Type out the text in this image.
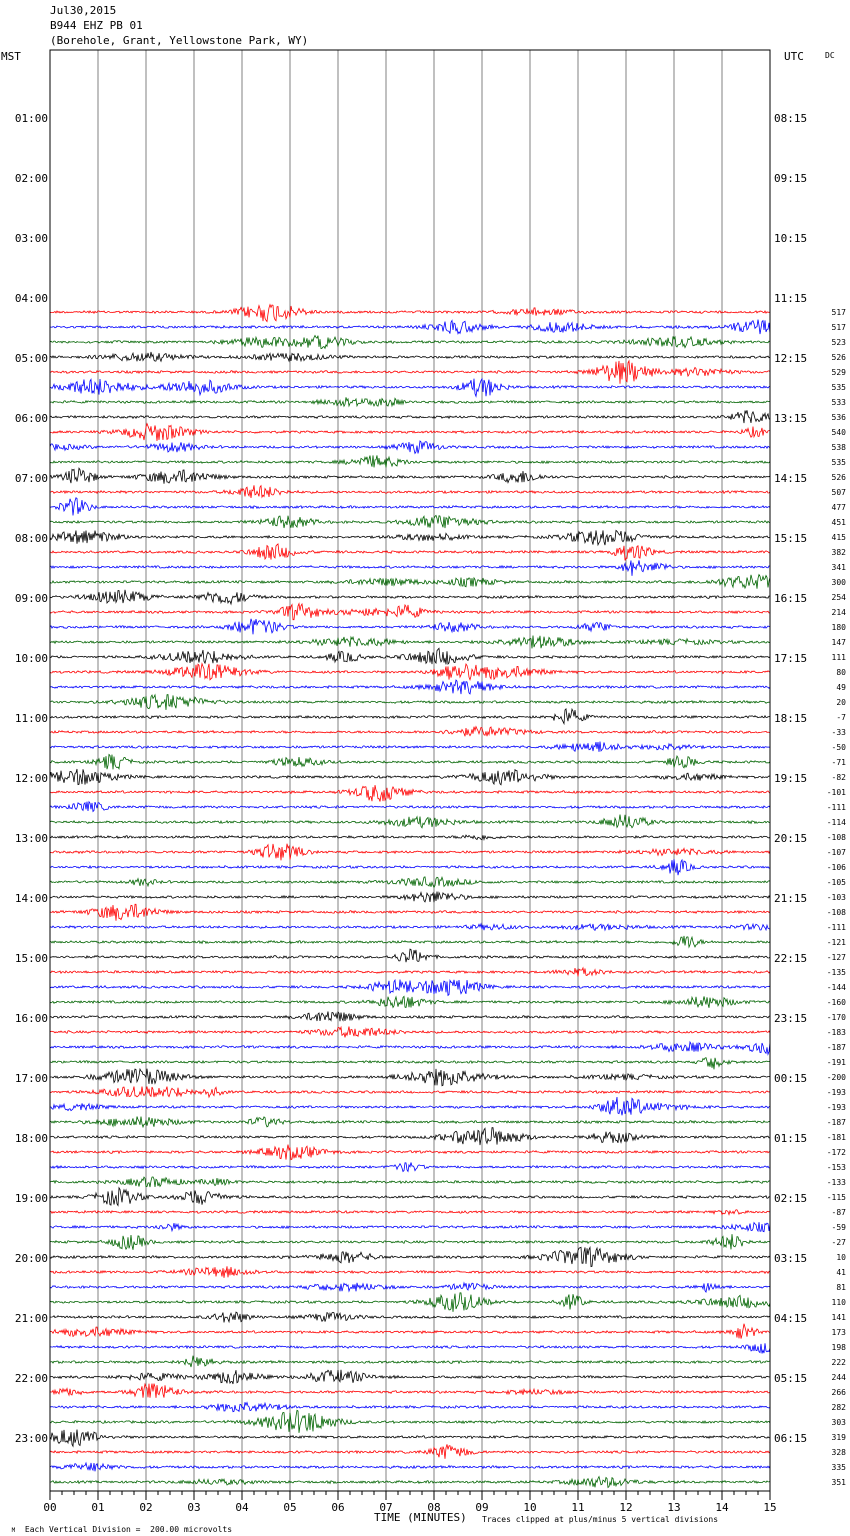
Jul30,2015
B944 EHZ PB 01
(Borehole, Grant, Yellowstone Park, WY)
MST	UTC	DC
00	01	02	03	04	05	06	07	08	09	10	11	12	13	14	15
01:00
02:00
03:00
04:00
05:00
06:00
07:00
08:00
09:00
10:00
11:00
12:00
13:00
14:00
15:00
16:00
17:00
18:00
19:00
20:00
21:00
22:00
23:00
08:15
09:15
10:15
11:15
12:15
13:15
14:15
15:15
16:15
17:15
18:15
19:15
20:15
21:15
22:15
23:15
00:15
01:15
02:15
03:15
04:15
05:15
06:15
517
517
523
526
529
535
533
536
540
538
535
526
507
477
451
415
382
341
300
254
214
180
147
111
80
49
20
-7
-33
-50
-71
-82
-101
-111
-114
-108
-107
-106
-105
-103
-108
-111
-121
-127
-135
-144
-160
-170
-183
-187
-191
-200
-193
-193
-187
-181
-172
-153
-133
-115
-87
-59
-27
10
41
81
110
141
173
198
222
244
266
282
303
319
328
335
351

M Each Vertical Division =  200.00 microvolts

TIME (MINUTES) Traces clipped at plus/minus 5 vertical divisions
